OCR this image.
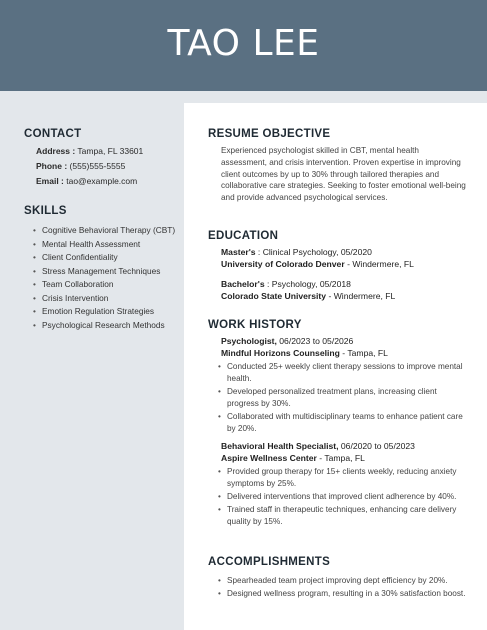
TAO LEE
CONTACT
Address : Tampa, FL 33601
Phone : (555)555-5555
Email : tao@example.com
SKILLS
• Cognitive Behavioral Therapy (CBT)
• Mental Health Assessment
• Client Confidentiality
• Stress Management Techniques
• Team Collaboration
• Crisis Intervention
• Emotion Regulation Strategies
• Psychological Research Methods
RESUME OBJECTIVE
Experienced psychologist skilled in CBT, mental health assessment, and crisis intervention. Proven expertise in improving client outcomes by up to 30% through tailored therapies and collaborative care strategies. Seeking to foster emotional well-being and provide advanced psychological services.
EDUCATION
Master's : Clinical Psychology, 05/2020
University of Colorado Denver - Windermere, FL
Bachelor's : Psychology, 05/2018
Colorado State University - Windermere, FL
WORK HISTORY
Psychologist, 06/2023 to 05/2026
Mindful Horizons Counseling - Tampa, FL
• Conducted 25+ weekly client therapy sessions to improve mental health.
• Developed personalized treatment plans, increasing client progress by 30%.
• Collaborated with multidisciplinary teams to enhance patient care by 20%.
Behavioral Health Specialist, 06/2020 to 05/2023
Aspire Wellness Center - Tampa, FL
• Provided group therapy for 15+ clients weekly, reducing anxiety symptoms by 25%.
• Delivered interventions that improved client adherence by 40%.
• Trained staff in therapeutic techniques, enhancing care delivery quality by 15%.
ACCOMPLISHMENTS
• Spearheaded team project improving dept efficiency by 20%.
• Designed wellness program, resulting in a 30% satisfaction boost.
